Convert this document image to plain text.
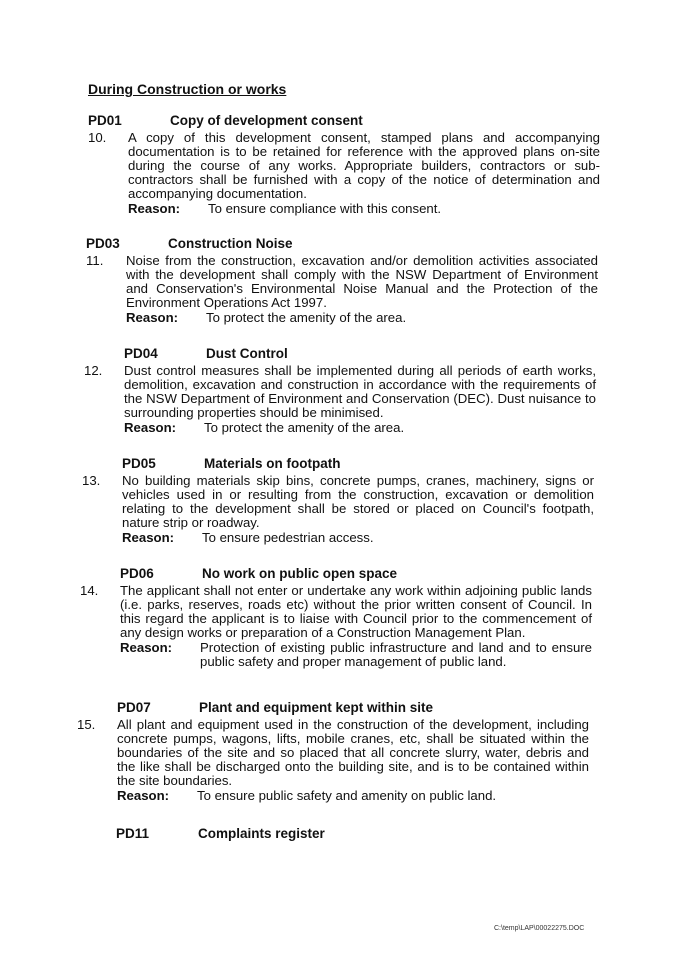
During Construction or works
PD01	Copy of development consent
10. A copy of this development consent, stamped plans and accompanying documentation is to be retained for reference with the approved plans on-site during the course of any works. Appropriate builders, contractors or sub-contractors shall be furnished with a copy of the notice of determination and accompanying documentation.
Reason: To ensure compliance with this consent.
PD03	Construction Noise
11. Noise from the construction, excavation and/or demolition activities associated with the development shall comply with the NSW Department of Environment and Conservation's Environmental Noise Manual and the Protection of the Environment Operations Act 1997.
Reason: To protect the amenity of the area.
PD04	Dust Control
12. Dust control measures shall be implemented during all periods of earth works, demolition, excavation and construction in accordance with the requirements of the NSW Department of Environment and Conservation (DEC). Dust nuisance to surrounding properties should be minimised.
Reason: To protect the amenity of the area.
PD05	Materials on footpath
13. No building materials skip bins, concrete pumps, cranes, machinery, signs or vehicles used in or resulting from the construction, excavation or demolition relating to the development shall be stored or placed on Council's footpath, nature strip or roadway.
Reason: To ensure pedestrian access.
PD06	No work on public open space
14. The applicant shall not enter or undertake any work within adjoining public lands (i.e. parks, reserves, roads etc) without the prior written consent of Council. In this regard the applicant is to liaise with Council prior to the commencement of any design works or preparation of a Construction Management Plan.
Reason: Protection of existing public infrastructure and land and to ensure public safety and proper management of public land.
PD07	Plant and equipment kept within site
15. All plant and equipment used in the construction of the development, including concrete pumps, wagons, lifts, mobile cranes, etc, shall be situated within the boundaries of the site and so placed that all concrete slurry, water, debris and the like shall be discharged onto the building site, and is to be contained within the site boundaries.
Reason: To ensure public safety and amenity on public land.
PD11	Complaints register
C:\temp\LAP\00022275.DOC
